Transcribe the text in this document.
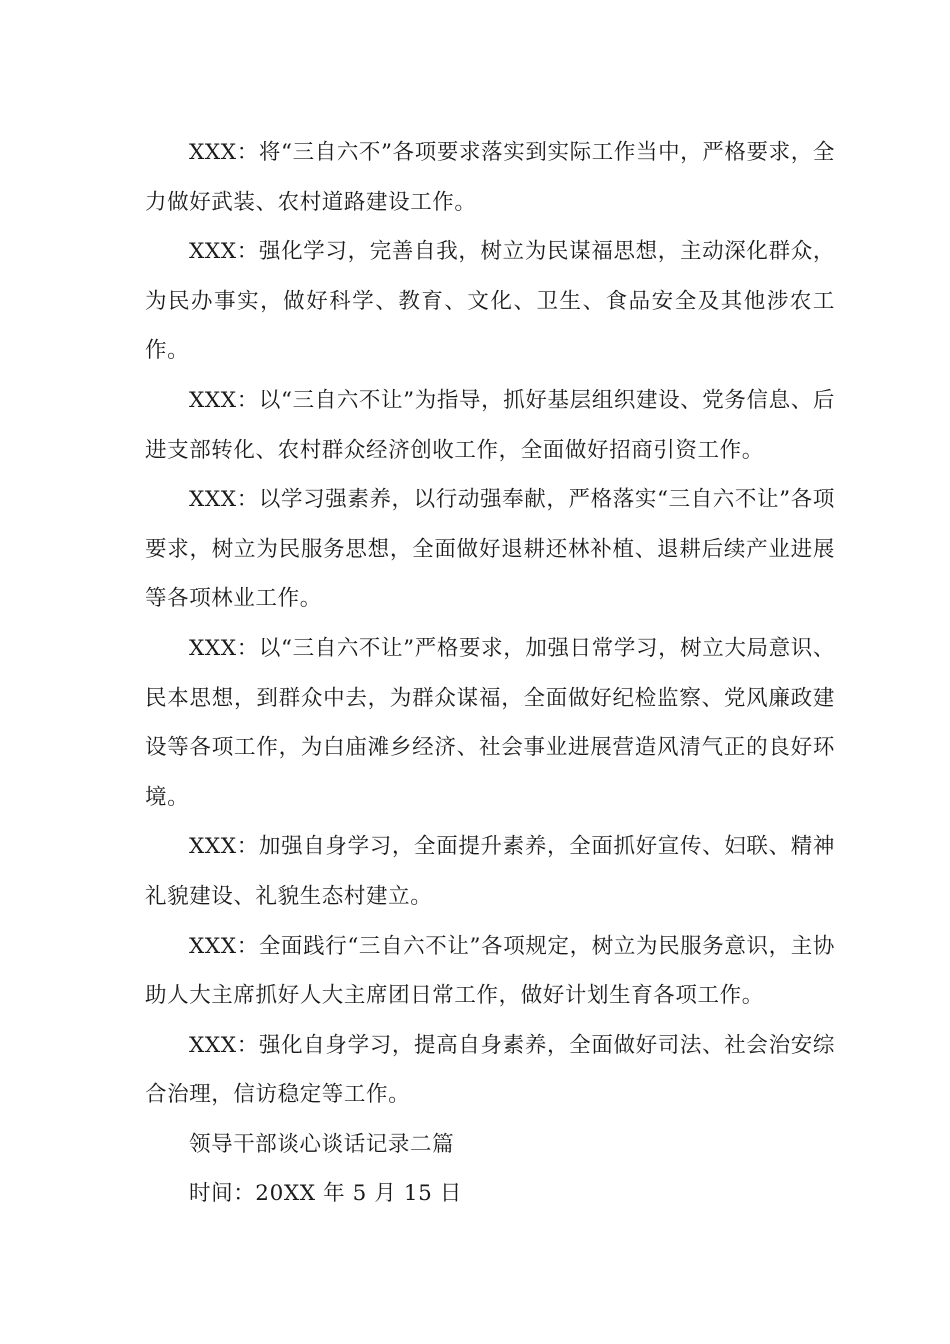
XXX：将“三自六不”各项要求落实到实际工作当中，严格要求，全力做好武装、农村道路建设工作。

XXX：强化学习，完善自我，树立为民谋福思想，主动深化群众，为民办事实，做好科学、教育、文化、卫生、食品安全及其他涉农工作。

XXX：以“三自六不让”为指导，抓好基层组织建设、党务信息、后进支部转化、农村群众经济创收工作，全面做好招商引资工作。

XXX：以学习强素养，以行动强奉献，严格落实“三自六不让”各项要求，树立为民服务思想，全面做好退耕还林补植、退耕后续产业进展等各项林业工作。

XXX：以“三自六不让”严格要求，加强日常学习，树立大局意识、民本思想，到群众中去，为群众谋福，全面做好纪检监察、党风廉政建设等各项工作，为白庙滩乡经济、社会事业进展营造风清气正的良好环境。

XXX：加强自身学习，全面提升素养，全面抓好宣传、妇联、精神礼貌建设、礼貌生态村建立。

XXX：全面践行“三自六不让”各项规定，树立为民服务意识，主协助人大主席抓好人大主席团日常工作，做好计划生育各项工作。

XXX：强化自身学习，提高自身素养，全面做好司法、社会治安综合治理，信访稳定等工作。

领导干部谈心谈话记录二篇

时间：20XX 年 5 月 15 日
